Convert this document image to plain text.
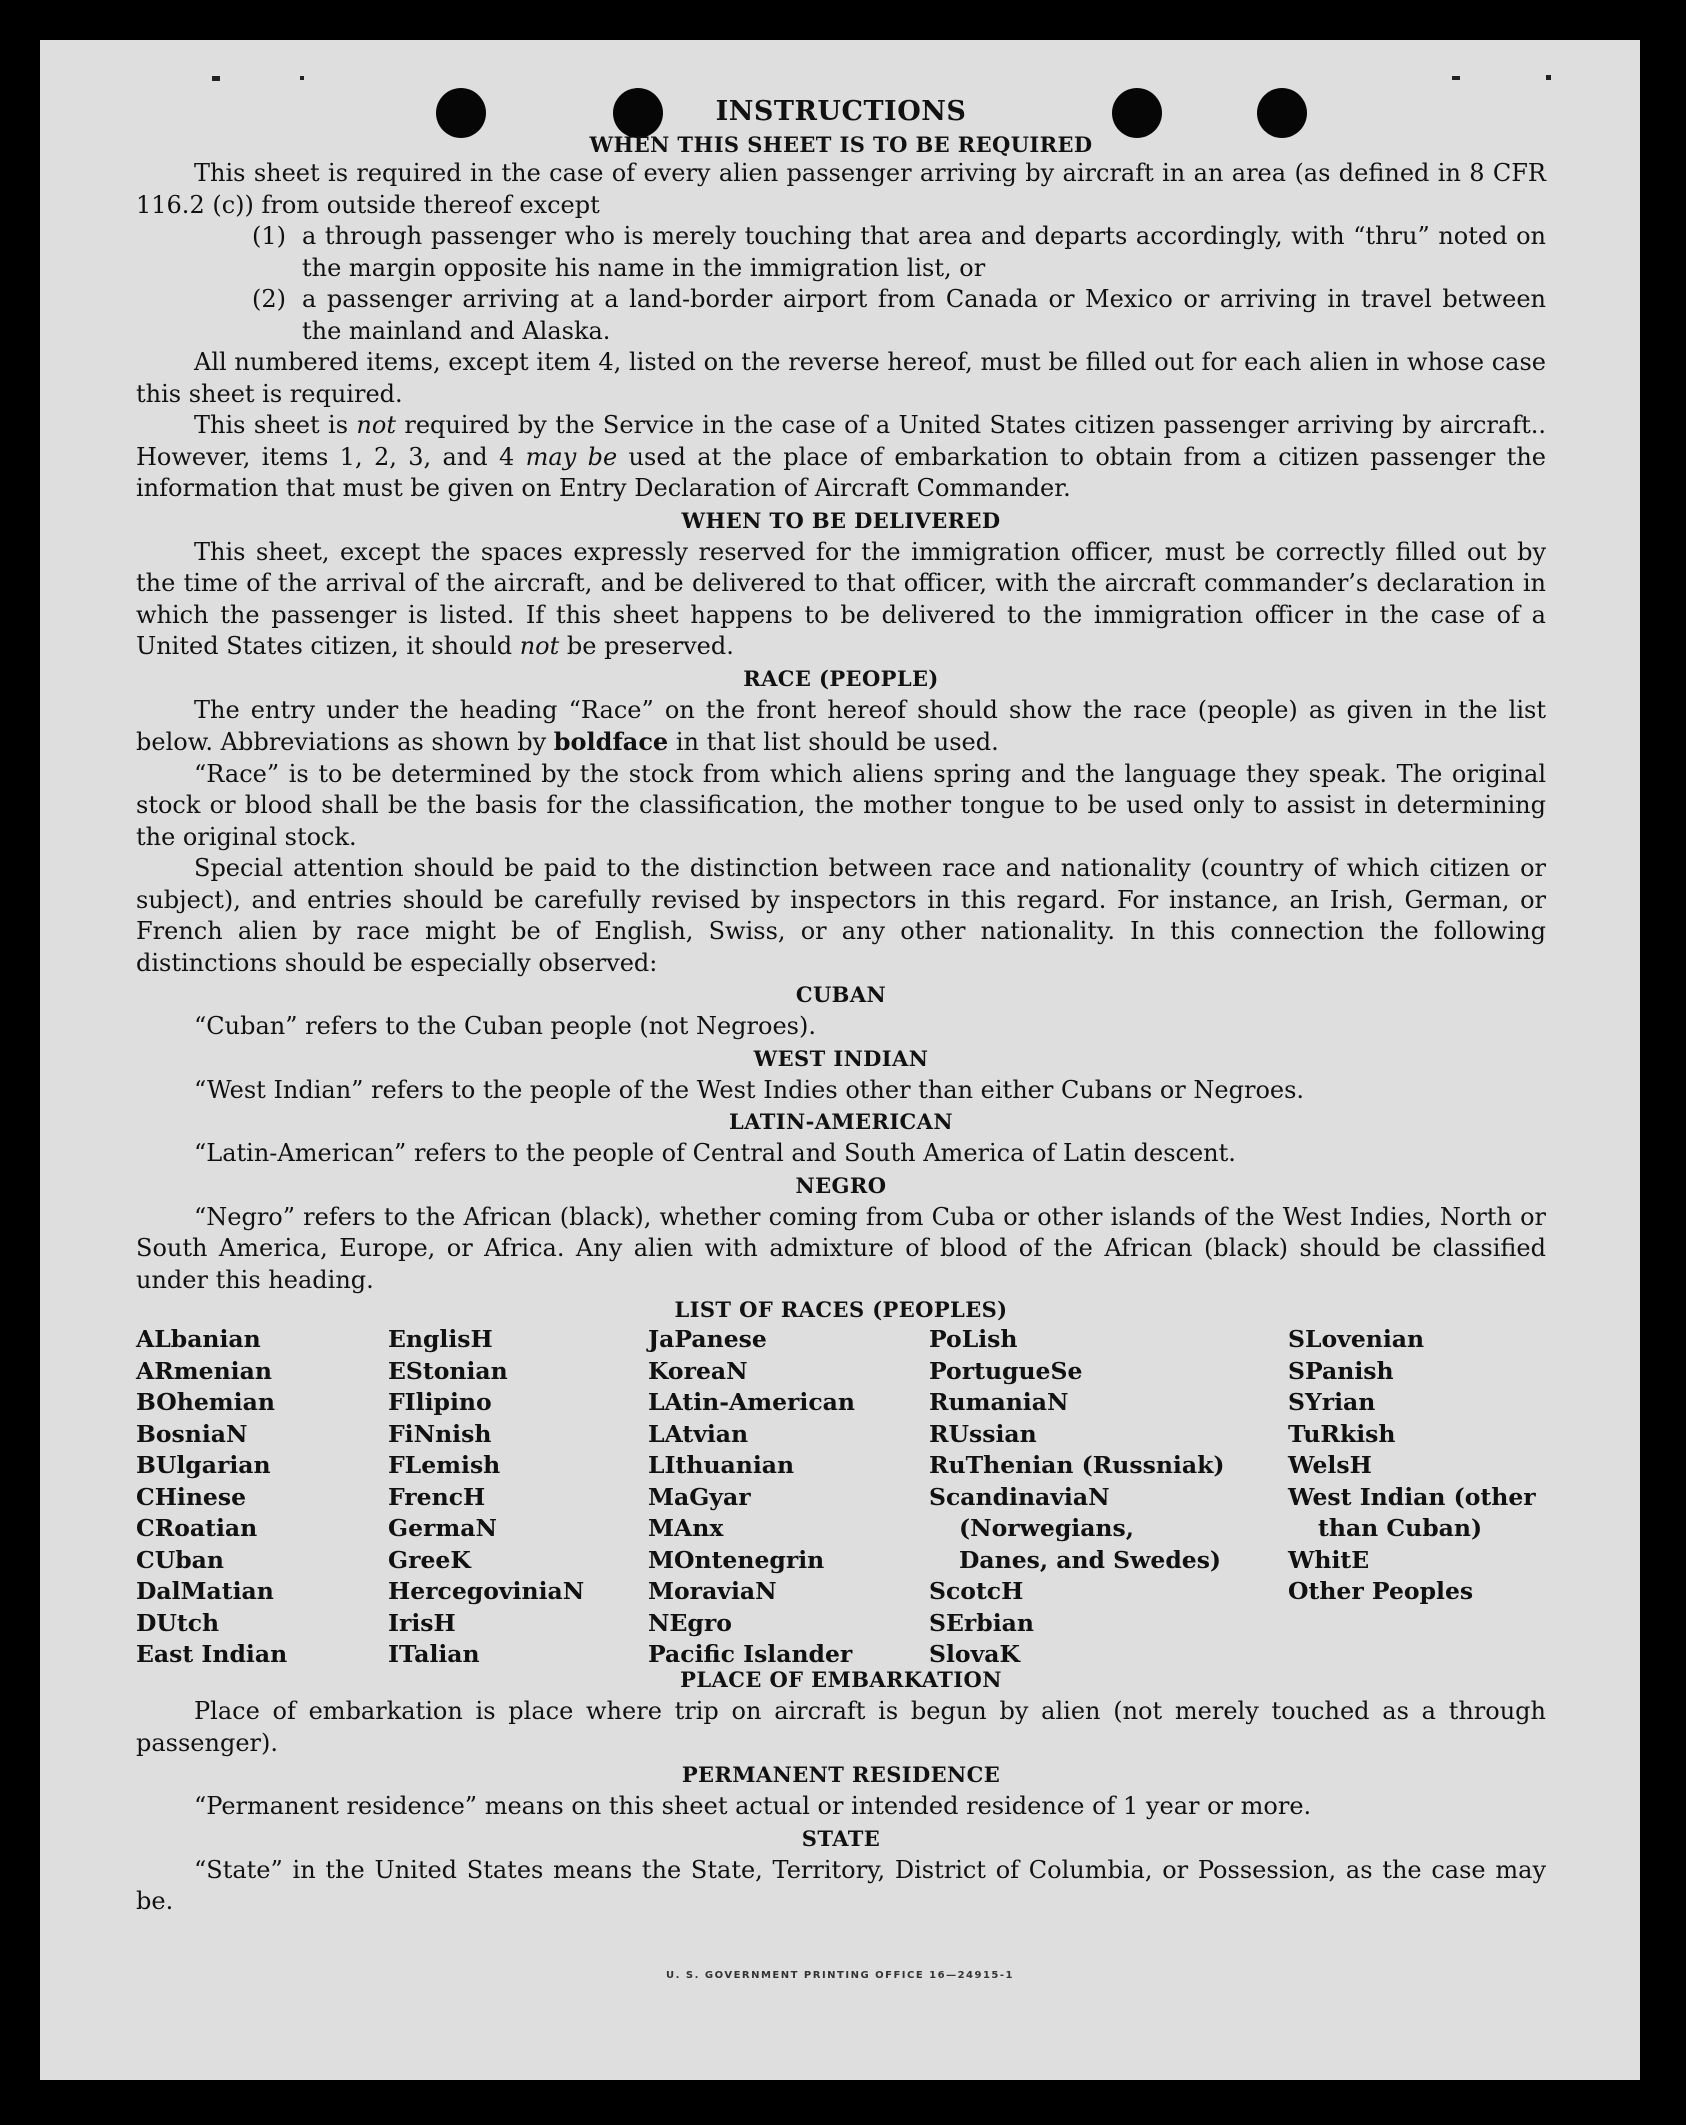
INSTRUCTIONS
WHEN THIS SHEET IS TO BE REQUIRED

This sheet is required in the case of every alien passenger arriving by aircraft in an area (as defined in 8 CFR 116.2 (c)) from outside thereof except

(1) a through passenger who is merely touching that area and departs accordingly, with “thru” noted on the margin opposite his name in the immigration list, or
(2) a passenger arriving at a land-border airport from Canada or Mexico or arriving in travel between the mainland and Alaska.

All numbered items, except item 4, listed on the reverse hereof, must be filled out for each alien in whose case this sheet is required.

This sheet is not required by the Service in the case of a United States citizen passenger arriving by aircraft.. However, items 1, 2, 3, and 4 may be used at the place of embarkation to obtain from a citizen passenger the information that must be given on Entry Declaration of Aircraft Commander.

WHEN TO BE DELIVERED

This sheet, except the spaces expressly reserved for the immigration officer, must be correctly filled out by the time of the arrival of the aircraft, and be delivered to that officer, with the aircraft commander’s declaration in which the passenger is listed. If this sheet happens to be delivered to the immigration officer in the case of a United States citizen, it should not be preserved.

RACE (PEOPLE)

The entry under the heading “Race” on the front hereof should show the race (people) as given in the list below. Abbreviations as shown by boldface in that list should be used.

“Race” is to be determined by the stock from which aliens spring and the language they speak. The original stock or blood shall be the basis for the classification, the mother tongue to be used only to assist in determining the original stock.

Special attention should be paid to the distinction between race and nationality (country of which citizen or subject), and entries should be carefully revised by inspectors in this regard. For instance, an Irish, German, or French alien by race might be of English, Swiss, or any other nationality. In this connection the following distinctions should be especially observed:

CUBAN

“Cuban” refers to the Cuban people (not Negroes).

WEST INDIAN

“West Indian” refers to the people of the West Indies other than either Cubans or Negroes.

LATIN-AMERICAN

“Latin-American” refers to the people of Central and South America of Latin descent.

NEGRO

“Negro” refers to the African (black), whether coming from Cuba or other islands of the West Indies, North or South America, Europe, or Africa. Any alien with admixture of blood of the African (black) should be classified under this heading.

LIST OF RACES (PEOPLES)
ALbanian
ARmenian
BOhemian
BosniaN
BUlgarian
CHinese
CRoatian
CUban
DalMatian
DUtch
East Indian
EnglisH
EStonian
FIlipino
FiNnish
FLemish
FrencH
GermaN
GreeK
HercegoviniaN
IrisH
ITalian
JaPanese
KoreaN
LAtin-American
LAtvian
LIthuanian
MaGyar
MAnx
MOntenegrin
MoraviaN
NEgro
Pacific Islander
PoLish
PortugueSe
RumaniaN
RUssian
RuThenian (Russniak)
ScandinaviaN (Norwegians, Danes, and Swedes)
ScotcH
SErbian
SlovaK
SLovenian
SPanish
SYrian
TuRkish
WelsH
West Indian (other than Cuban)
WhitE
Other Peoples
PLACE OF EMBARKATION

Place of embarkation is place where trip on aircraft is begun by alien (not merely touched as a through passenger).

PERMANENT RESIDENCE

“Permanent residence” means on this sheet actual or intended residence of 1 year or more.

STATE

“State” in the United States means the State, Territory, District of Columbia, or Possession, as the case may be.

U. S. GOVERNMENT PRINTING OFFICE 16—24915-1
